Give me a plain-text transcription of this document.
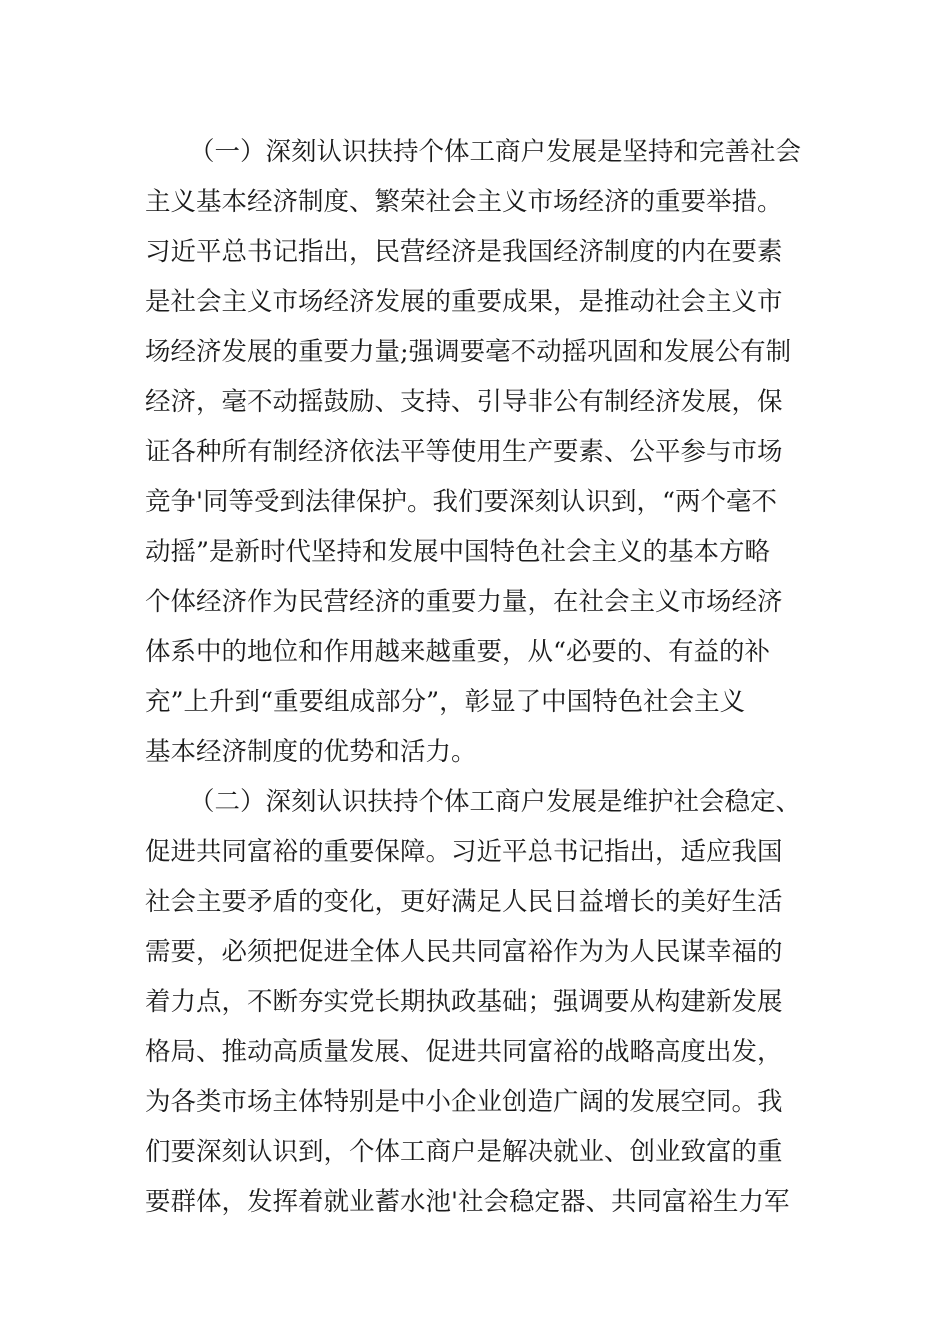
（一）深刻认识扶持个体工商户发展是坚持和完善社会

主义基本经济制度、繁荣社会主义市场经济的重要举措。

习近平总书记指出，民营经济是我国经济制度的内在要素

是社会主义市场经济发展的重要成果，是推动社会主义市

场经济发展的重要力量;强调要毫不动摇巩固和发展公有制

经济，毫不动摇鼓励、支持、引导非公有制经济发展，保

证各种所有制经济依法平等使用生产要素、公平参与市场

竞争'同等受到法律保护。我们要深刻认识到，“两个毫不

动摇”是新时代坚持和发展中国特色社会主义的基本方略

个体经济作为民营经济的重要力量，在社会主义市场经济

体系中的地位和作用越来越重要，从“必要的、有益的补

充”上升到“重要组成部分”，彰显了中国特色社会主义

基本经济制度的优势和活力。

（二）深刻认识扶持个体工商户发展是维护社会稳定、

促进共同富裕的重要保障。习近平总书记指出，适应我国

社会主要矛盾的变化，更好满足人民日益增长的美好生活

需要，必须把促进全体人民共同富裕作为为人民谋幸福的

着力点，不断夯实党长期执政基础；强调要从构建新发展

格局、推动高质量发展、促进共同富裕的战略高度出发，

为各类市场主体特别是中小企业创造广阔的发展空同。我

们要深刻认识到，个体工商户是解决就业、创业致富的重

要群体，发挥着就业蓄水池'社会稳定器、共同富裕生力军
